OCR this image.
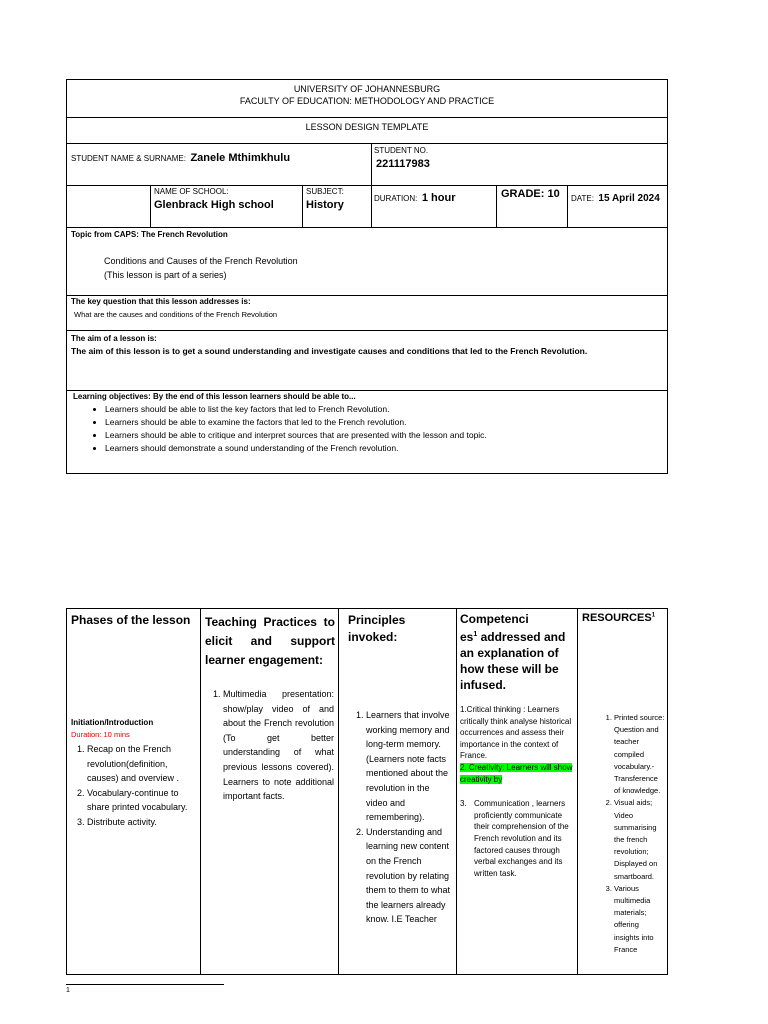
UNIVERSITY OF JOHANNESBURG
FACULTY OF EDUCATION: METHODOLOGY AND PRACTICE
LESSON DESIGN TEMPLATE
STUDENT NAME & SURNAME: Zanele Mthimkhulu
STUDENT NO.
221117983
NAME OF SCHOOL:
Glenbrack High school
SUBJECT:
History
DURATION: 1 hour	GRADE: 10 DATE: 15 April 2024
Topic from CAPS: The French Revolution
Conditions and Causes of the French Revolution
(This lesson is part of a series)
The key question that this lesson addresses is:
What are the causes and conditions of the French Revolution
The aim of a lesson is:
The aim of this lesson is to get a sound understanding and investigate causes and conditions that led to the French Revolution.
Learning objectives: By the end of this lesson learners should be able to...
• Learners should be able to list the key factors that led to French Revolution.
• Learners should be able to examine the factors that led to the French revolution.
• Learners should be able to critique and interpret sources that are presented with the lesson and topic.
• Learners should demonstrate a sound understanding of the French revolution.
Phases of the lesson
Initiation/Introduction
Duration: 10 mins
1. Recap on the French revolution(definition, causes) and overview .
2. Vocabulary-continue to share printed vocabulary.
3. Distribute activity.
Teaching Practices to elicit and support learner engagement:
1. Multimedia presentation: show/play video of and about the French revolution (To get better understanding of what previous lessons covered). Learners to note additional important facts.
Principles invoked:
1. Learners that involve working memory and long-term memory. (Learners note facts mentioned about the revolution in the video and remembering).
2. Understanding and learning new content on the French revolution by relating them to them to what the learners already know. I.E Teacher
Competenci
$es^1$ addressed and an explanation of how these will be infused.
1.Critical thinking : Learners critically think analyse historical occurrences and assess their importance in the context of France.
2. Creativity: Learners will show creativity by
3. Communication , learners proficiently communicate their comprehension of the French revolution and its factored causes through verbal exchanges and its written task.
RESOURCES$^1$
1. Printed source: Question and teacher compiled vocabulary.- Transference of knowledge.
2. Visual aids; Video summarising the french revolution; Displayed on smartboard.
3. Various multimedia materials; offering insights into France
1
